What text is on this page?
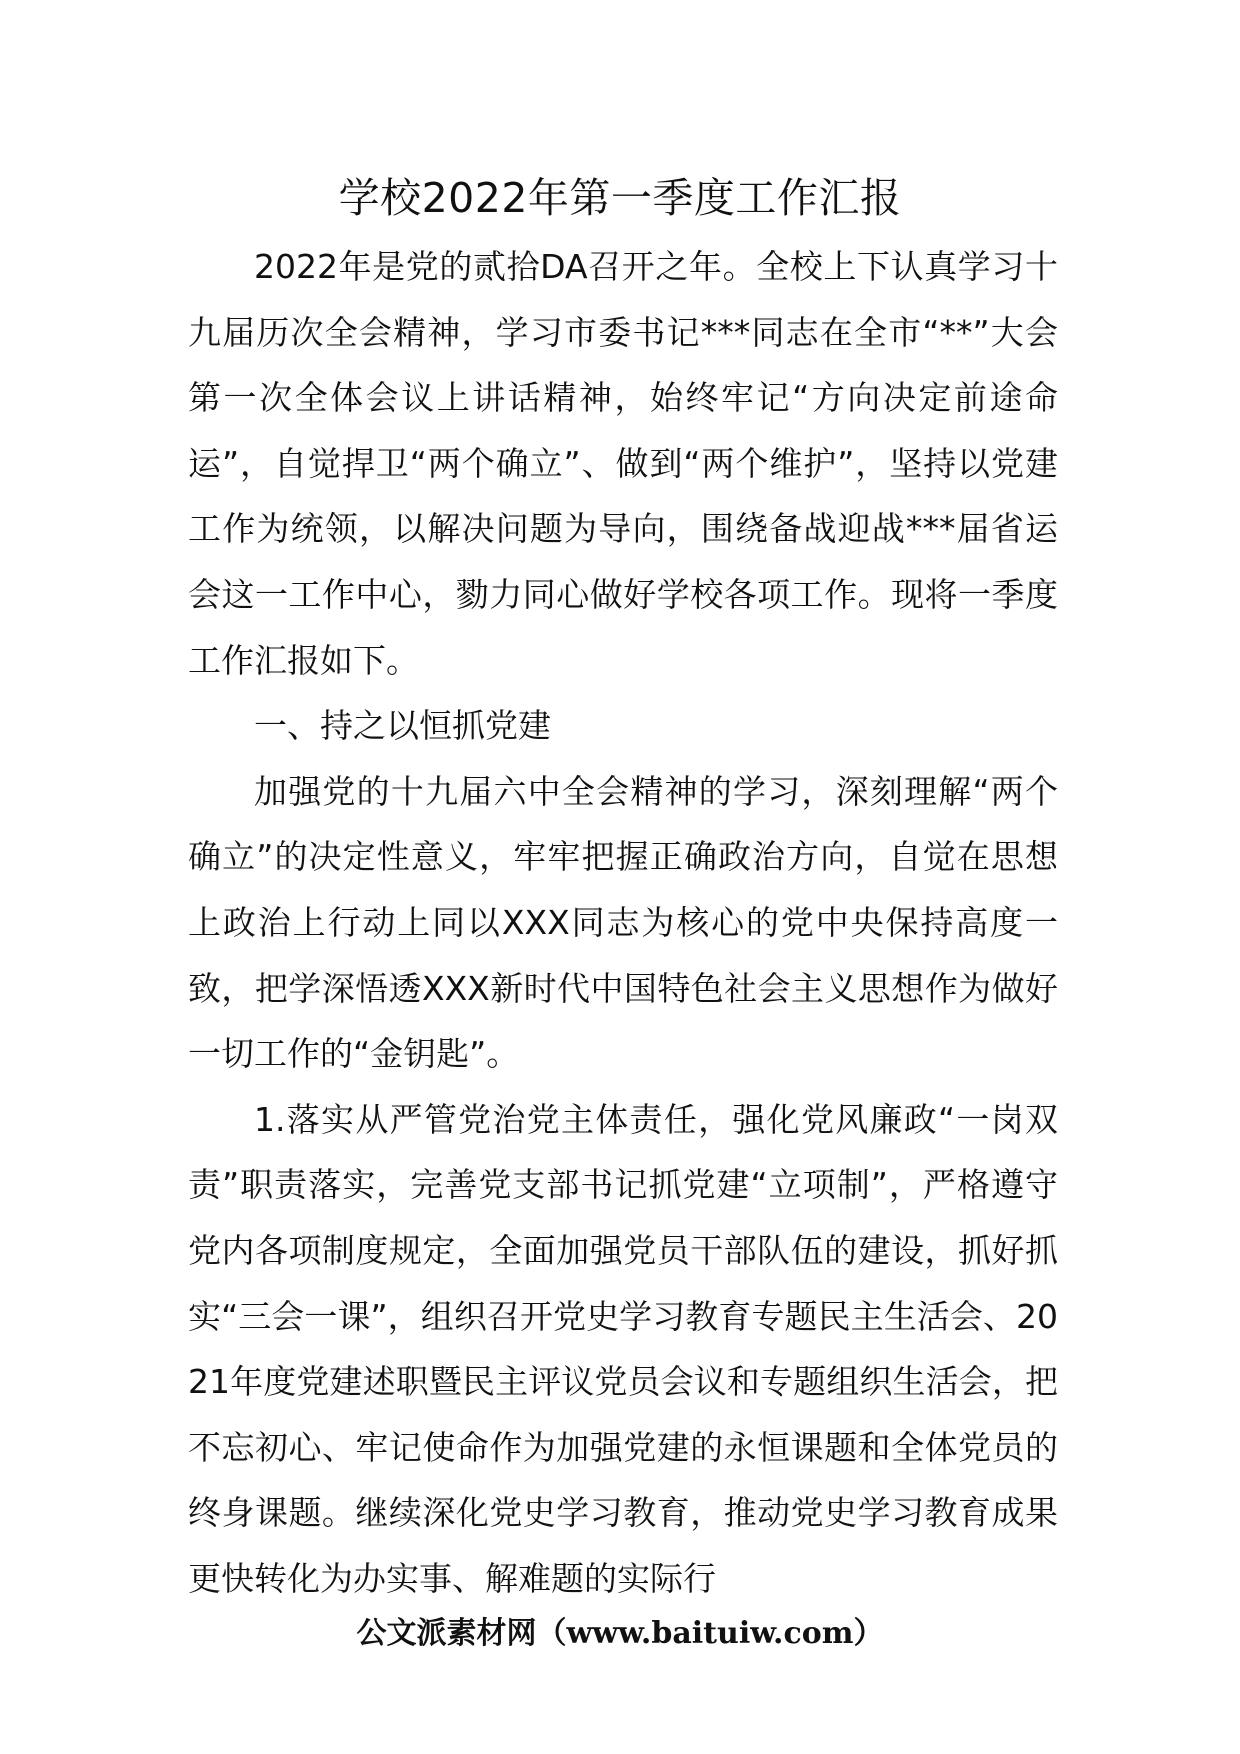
学校2022年第一季度工作汇报

2022年是党的贰拾DA召开之年。全校上下认真学习十九届历次全会精神，学习市委书记***同志在全市“**”大会第一次全体会议上讲话精神，始终牢记“方向决定前途命运”，自觉捍卫“两个确立”、做到“两个维护”，坚持以党建工作为统领，以解决问题为导向，围绕备战迎战***届省运会这一工作中心，勠力同心做好学校各项工作。现将一季度工作汇报如下。

一、持之以恒抓党建

加强党的十九届六中全会精神的学习，深刻理解“两个确立”的决定性意义，牢牢把握正确政治方向，自觉在思想上政治上行动上同以XXX同志为核心的党中央保持高度一致，把学深悟透XXX新时代中国特色社会主义思想作为做好一切工作的“金钥匙”。

1.落实从严管党治党主体责任，强化党风廉政“一岗双责”职责落实，完善党支部书记抓党建“立项制”，严格遵守党内各项制度规定，全面加强党员干部队伍的建设，抓好抓实“三会一课”，组织召开党史学习教育专题民主生活会、2021年度党建述职暨民主评议党员会议和专题组织生活会，把不忘初心、牢记使命作为加强党建的永恒课题和全体党员的终身课题。继续深化党史学习教育，推动党史学习教育成果更快转化为办实事、解难题的实际行

公文派素材网（www.baituiw.com）
